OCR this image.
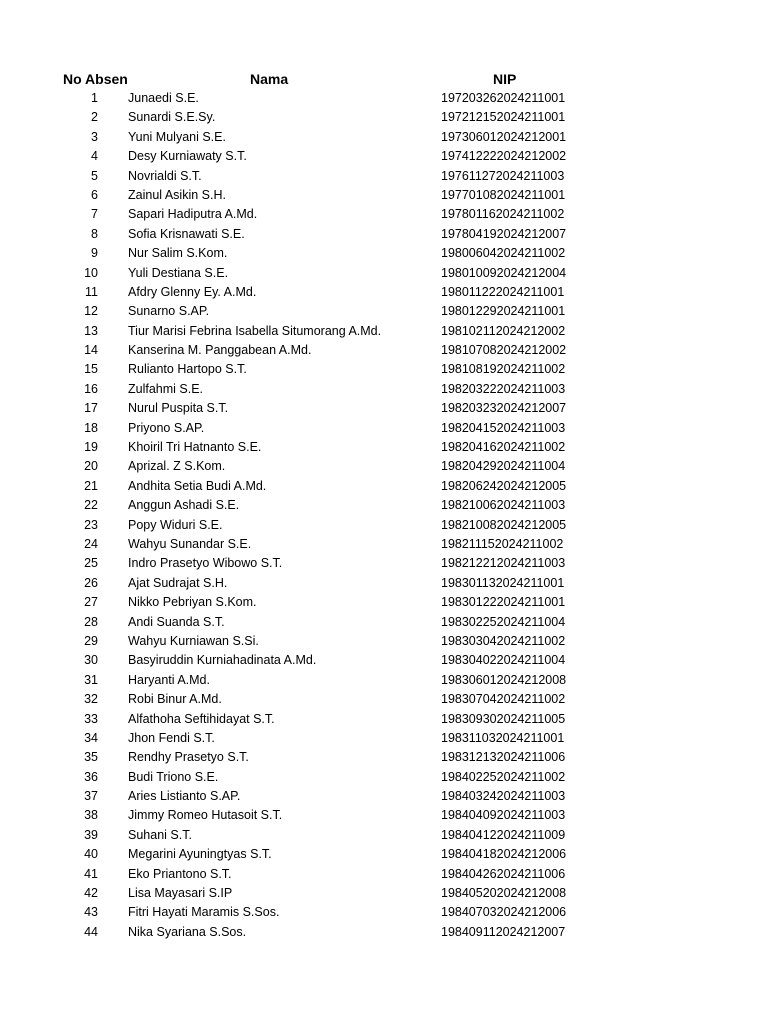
No Absen	Nama	NIP
1 Junaedi S.E.	197203262024211001
2 Sunardi S.E.Sy.	197212152024211001
3 Yuni Mulyani S.E.	197306012024212001
4 Desy Kurniawaty S.T.	197412222024212002
5 Novrialdi S.T.	197611272024211003
6 Zainul Asikin S.H.	197701082024211001
7 Sapari Hadiputra A.Md.	197801162024211002
8 Sofia Krisnawati S.E.	197804192024212007
9 Nur Salim S.Kom.	198006042024211002
10 Yuli Destiana S.E.	198010092024212004
11 Afdry Glenny Ey. A.Md.	198011222024211001
12 Sunarno S.AP.	198012292024211001
13 Tiur Marisi Febrina Isabella Situmorang A.Md.	198102112024212002
14 Kanserina M. Panggabean A.Md.	198107082024212002
15 Rulianto Hartopo S.T.	198108192024211002
16 Zulfahmi S.E.	198203222024211003
17 Nurul Puspita S.T.	198203232024212007
18 Priyono S.AP.	198204152024211003
19 Khoiril Tri Hatnanto S.E.	198204162024211002
20 Aprizal. Z S.Kom.	198204292024211004
21 Andhita Setia Budi A.Md.	198206242024212005
22 Anggun Ashadi S.E.	198210062024211003
23 Popy Widuri S.E.	198210082024212005
24 Wahyu Sunandar S.E.	198211152024211002
25 Indro Prasetyo Wibowo S.T.	198212212024211003
26 Ajat Sudrajat S.H.	198301132024211001
27 Nikko Pebriyan S.Kom.	198301222024211001
28 Andi Suanda S.T.	198302252024211004
29 Wahyu Kurniawan S.Si.	198303042024211002
30 Basyiruddin Kurniahadinata A.Md.	198304022024211004
31 Haryanti A.Md.	198306012024212008
32 Robi Binur A.Md.	198307042024211002
33 Alfathoha Seftihidayat S.T.	198309302024211005
34 Jhon Fendi S.T.	198311032024211001
35 Rendhy Prasetyo S.T.	198312132024211006
36 Budi Triono S.E.	198402252024211002
37 Aries Listianto S.AP.	198403242024211003
38 Jimmy Romeo Hutasoit S.T.	198404092024211003
39 Suhani S.T.	198404122024211009
40 Megarini Ayuningtyas S.T.	198404182024212006
41 Eko Priantono S.T.	198404262024211006
42 Lisa Mayasari S.IP	198405202024212008
43 Fitri Hayati Maramis S.Sos.	198407032024212006
44 Nika Syariana S.Sos.	198409112024212007
